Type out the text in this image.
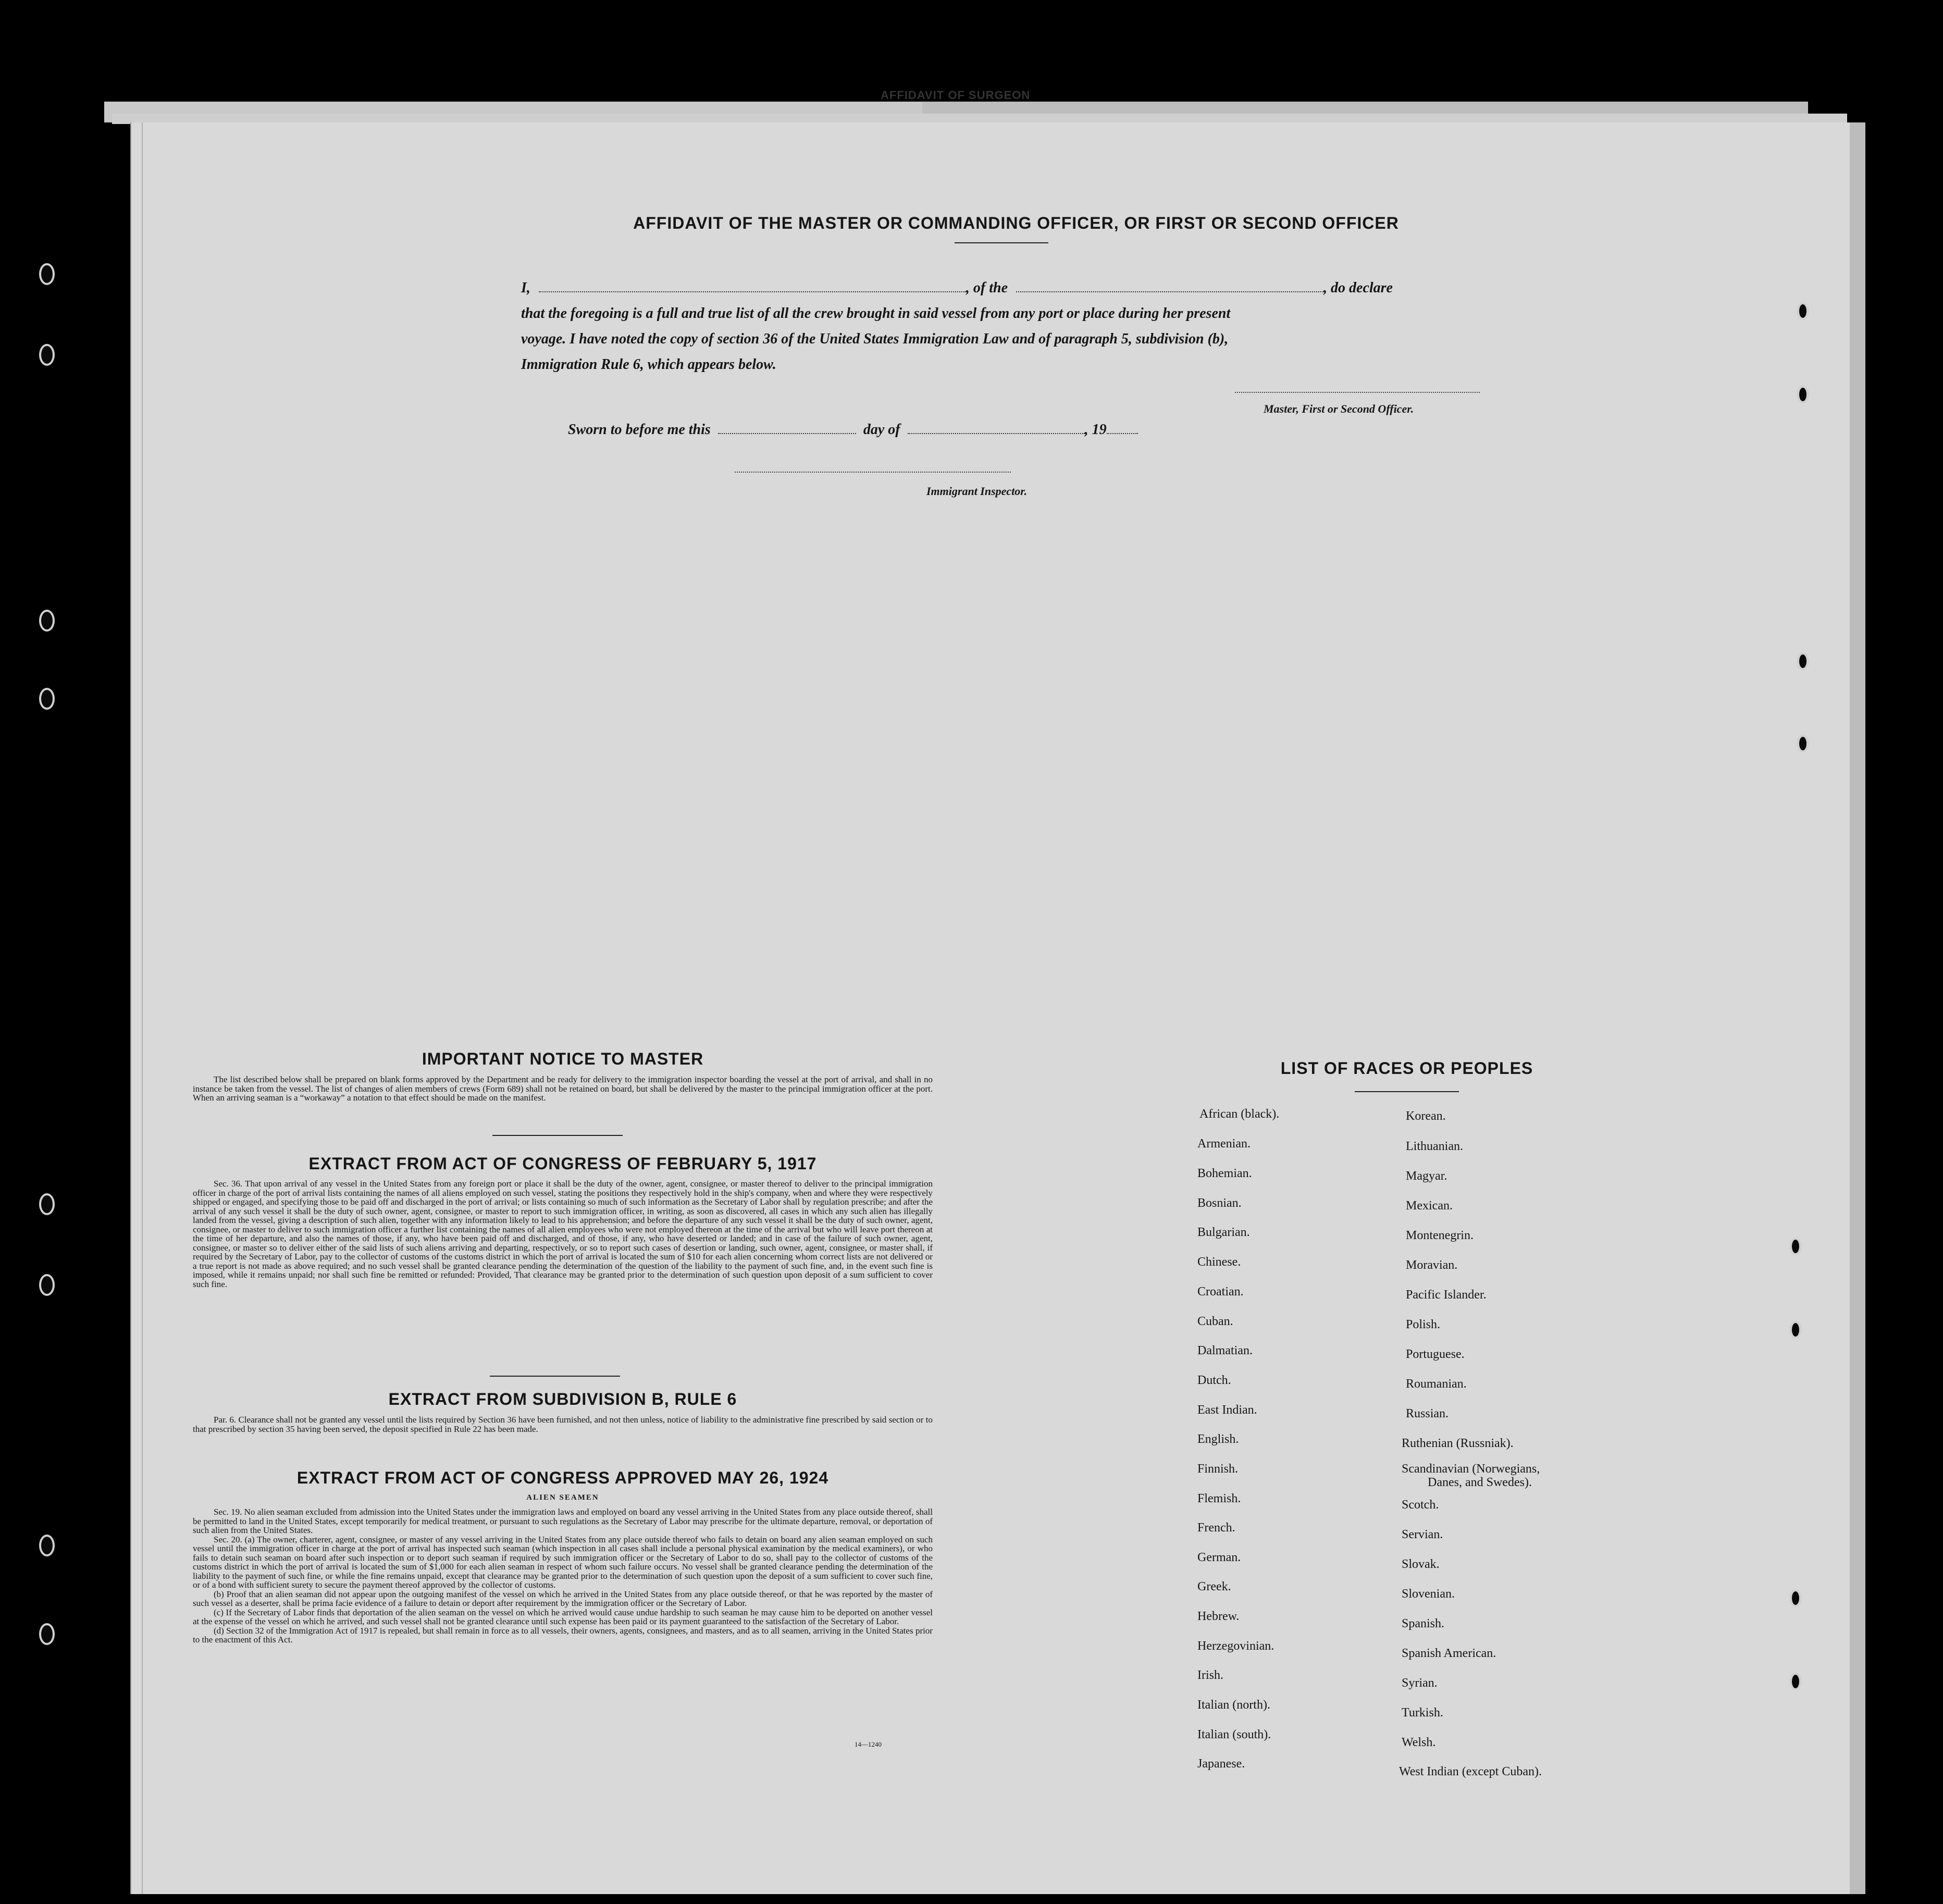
AFFIDAVIT OF SURGEON
AFFIDAVIT OF THE MASTER OR COMMANDING OFFICER, OR FIRST OR SECOND OFFICER
I,	, of the	, do declare
that the foregoing is a full and true list of all the crew brought in said vessel from any port or place during her present
voyage. I have noted the copy of section 36 of the United States Immigration Law and of paragraph 5, subdivision (b),
Immigration Rule 6, which appears below.
Master, First or Second Officer.
Sworn to before me this	day of	, 19
Immigrant Inspector.
IMPORTANT NOTICE TO MASTER
The list described below shall be prepared on blank forms approved by the Department and be ready for delivery to the immigration inspector boarding the vessel at the port of arrival, and shall in no instance be taken from the vessel. The list of changes of alien members of crews (Form 689) shall not be retained on board, but shall be delivered by the master to the principal immigration officer at the port. When an arriving seaman is a “workaway” a notation to that effect should be made on the manifest.
EXTRACT FROM ACT OF CONGRESS OF FEBRUARY 5, 1917
Sec. 36. That upon arrival of any vessel in the United States from any foreign port or place it shall be the duty of the owner, agent, consignee, or master thereof to deliver to the principal immigration officer in charge of the port of arrival lists containing the names of all aliens employed on such vessel, stating the positions they respectively hold in the ship's company, when and where they were respectively shipped or engaged, and specifying those to be paid off and discharged in the port of arrival; or lists containing so much of such information as the Secretary of Labor shall by regulation prescribe; and after the arrival of any such vessel it shall be the duty of such owner, agent, consignee, or master to report to such immigration officer, in writing, as soon as discovered, all cases in which any such alien has illegally landed from the vessel, giving a description of such alien, together with any information likely to lead to his apprehension; and before the departure of any such vessel it shall be the duty of such owner, agent, consignee, or master to deliver to such immigration officer a further list containing the names of all alien employees who were not employed thereon at the time of the arrival but who will leave port thereon at the time of her departure, and also the names of those, if any, who have been paid off and discharged, and of those, if any, who have deserted or landed; and in case of the failure of such owner, agent, consignee, or master so to deliver either of the said lists of such aliens arriving and departing, respectively, or so to report such cases of desertion or landing, such owner, agent, consignee, or master shall, if required by the Secretary of Labor, pay to the collector of customs of the customs district in which the port of arrival is located the sum of $10 for each alien concerning whom correct lists are not delivered or a true report is not made as above required; and no such vessel shall be granted clearance pending the determination of the question of the liability to the payment of such fine, and, in the event such fine is imposed, while it remains unpaid; nor shall such fine be remitted or refunded: Provided, That clearance may be granted prior to the determination of such question upon deposit of a sum sufficient to cover such fine.
EXTRACT FROM SUBDIVISION B, RULE 6
Par. 6. Clearance shall not be granted any vessel until the lists required by Section 36 have been furnished, and not then unless, notice of liability to the administrative fine prescribed by said section or to that prescribed by section 35 having been served, the deposit specified in Rule 22 has been made.
EXTRACT FROM ACT OF CONGRESS APPROVED MAY 26, 1924
ALIEN SEAMEN
Sec. 19. No alien seaman excluded from admission into the United States under the immigration laws and employed on board any vessel arriving in the United States from any place outside thereof, shall be permitted to land in the United States, except temporarily for medical treatment, or pursuant to such regulations as the Secretary of Labor may prescribe for the ultimate departure, removal, or deportation of such alien from the United States.
Sec. 20. (a) The owner, charterer, agent, consignee, or master of any vessel arriving in the United States from any place outside thereof who fails to detain on board any alien seaman employed on such vessel until the immigration officer in charge at the port of arrival has inspected such seaman (which inspection in all cases shall include a personal physical examination by the medical examiners), or who fails to detain such seaman on board after such inspection or to deport such seaman if required by such immigration officer or the Secretary of Labor to do so, shall pay to the collector of customs of the customs district in which the port of arrival is located the sum of $1,000 for each alien seaman in respect of whom such failure occurs. No vessel shall be granted clearance pending the determination of the liability to the payment of such fine, or while the fine remains unpaid, except that clearance may be granted prior to the determination of such question upon the deposit of a sum sufficient to cover such fine, or of a bond with sufficient surety to secure the payment thereof approved by the collector of customs.
(b) Proof that an alien seaman did not appear upon the outgoing manifest of the vessel on which he arrived in the United States from any place outside thereof, or that he was reported by the master of such vessel as a deserter, shall be prima facie evidence of a failure to detain or deport after requirement by the immigration officer or the Secretary of Labor.
(c) If the Secretary of Labor finds that deportation of the alien seaman on the vessel on which he arrived would cause undue hardship to such seaman he may cause him to be deported on another vessel at the expense of the vessel on which he arrived, and such vessel shall not be granted clearance until such expense has been paid or its payment guaranteed to the satisfaction of the Secretary of Labor.
(d) Section 32 of the Immigration Act of 1917 is repealed, but shall remain in force as to all vessels, their owners, agents, consignees, and masters, and as to all seamen, arriving in the United States prior to the enactment of this Act.
14—1240
LIST OF RACES OR PEOPLES
African (black).
Armenian.
Bohemian.
Bosnian.
Bulgarian.
Chinese.
Croatian.
Cuban.
Dalmatian.
Dutch.
East Indian.
English.
Finnish.
Flemish.
French.
German.
Greek.
Hebrew.
Herzegovinian.
Irish.
Italian (north).
Italian (south).
Japanese.
Korean.
Lithuanian.
Magyar.
Mexican.
Montenegrin.
Moravian.
Pacific Islander.
Polish.
Portuguese.
Roumanian.
Russian.
Ruthenian (Russniak).
Scandinavian (Norwegians,
Danes, and Swedes).
Scotch.
Servian.
Slovak.
Slovenian.
Spanish.
Spanish American.
Syrian.
Turkish.
Welsh.
West Indian (except Cuban).
